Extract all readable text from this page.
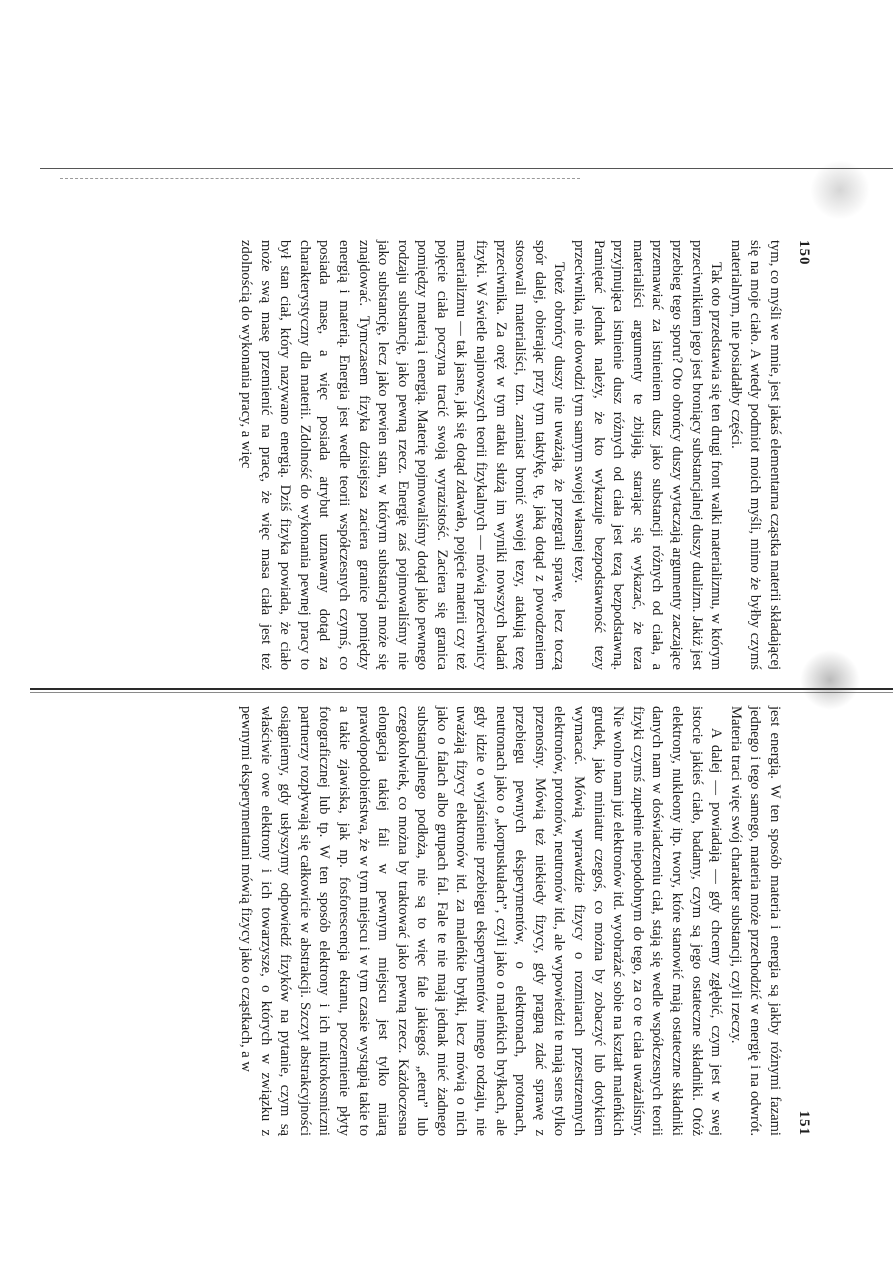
150

tym, co myśli we mnie, jest jakaś elementarna cząstka materii składającej się na moje ciało. A wtedy podmiot moich myśli, mimo że byłby czymś materialnym, nie posiadałby części.

Tak oto przedstawia się ten drugi front walki materializmu, w którym przeciwnikiem jego jest broniący substancjalnej duszy dualizm. Jakiż jest przebieg tego sporu? Oto obrońcy duszy wytaczają argumenty zaczające przemawiać za istnieniem dusz jako substancji różnych od ciała, a materialiści argumenty te zbijają, starając się wykazać, że teza przyjmująca istnienie dusz różnych od ciała jest tezą bezpodstawną. Pamiętać jednak należy, że kto wykazuje bezpodstawność tezy przeciwnika, nie dowodzi tym samym swojej własnej tezy.

Toteż obrońcy duszy nie uważają, że przegrali sprawę, lecz toczą spór dalej, obierając przy tym taktykę, tę, jaką dotąd z powodzeniem stosowali materialiści, tzn. zamiast bronić swojej tezy, atakują tezę przeciwnika. Za oręż w tym ataku służą im wyniki nowszych badań fizyki. W świetle najnowszych teorii fizykalnych — mówią przeciwnicy materializmu — tak jasne, jak się dotąd zdawało, pojęcie materii czy też pojęcie ciała poczyna tracić swoją wyrazistość. Zaciera się granica pomiędzy materią i energią. Materię pojmowaliśmy dotąd jako pewnego rodzaju substancję, jako pewną rzecz. Energię zaś pojmowaliśmy nie jako substancję, lecz jako pewien stan, w którym substancja może się znajdować. Tymczasem fizyka dzisiejsza zaciera granice pomiędzy energią i materią. Energia jest wedle teorii współczesnych czymś, co posiada masę, a więc posiada atrybut uznawany dotąd za charakterystyczny dla materii. Zdolność do wykonania pewnej pracy to był stan ciał, który nazywano energią. Dziś fizyka powiada, że ciało może swą masę przemienić na pracę, że więc masa ciała jest też zdolnością do wykonania pracy, a więc

151

jest energią. W ten sposób materia i energia są jakby różnymi fazami jednego i tego samego, materia może przechodzić w energię i na odwrót. Materia traci więc swój charakter substancji, czyli rzeczy.

A dalej — powiadają — gdy chcemy zgłębić, czym jest w swej istocie jakieś ciało, badamy, czym są jego ostateczne składniki. Otóż elektrony, nukleony itp. twory, które stanowić mają ostateczne składniki danych nam w doświadczeniu ciał, stają się wedle współczesnych teorii fizyki czymś zupełnie niepodobnym do tego, za co te ciała uważaliśmy. Nie wolno nam już elektronów itd. wyobrażać sobie na kształt maleńkich grudek, jako miniatur czegoś, co można by zobaczyć lub dotykiem wymacać. Mówią wprawdzie fizycy o rozmiarach przestrzennych elektronów, protonów, neutronów itd., ale wypowiedzi te mają sens tylko przenośny. Mówią też niekiedy fizycy, gdy pragną zdać sprawę z przebiegu pewnych eksperymentów, o elektronach, protonach, neutronach jako o „korpuskułach”, czyli jako o maleńkich bryłkach, ale gdy idzie o wyjaśnienie przebiegu eksperymentów innego rodzaju, nie uważają fizycy elektronów itd. za maleńkie bryłki, lecz mówią o nich jako o falach albo grupach fal. Fale te nie mają jednak mieć żadnego substancjalnego podłoża, nie są to więc fale jakiegoś „eteru” lub czegokolwiek, co można by traktować jako pewną rzecz. Każdoczesna elongacja takiej fali w pewnym miejscu jest tylko miarą prawdopodobieństwa, że w tym miejscu i w tym czasie wystąpią takie to a takie zjawiska, jak np. fosforescencja ekranu, poczernienie płyty fotograficznej lub tp. W ten sposób elektrony i ich mikrokosmiczni partnerzy rozpływają się całkowicie w abstrakcji. Szczyt abstrakcyjności osiągniemy, gdy usłyszymy odpowiedź fizyków na pytanie, czym są właściwie owe elektrony i ich towarzysze, o których w związku z pewnymi eksperymentami mówią fizycy jako o cząstkach, a w
